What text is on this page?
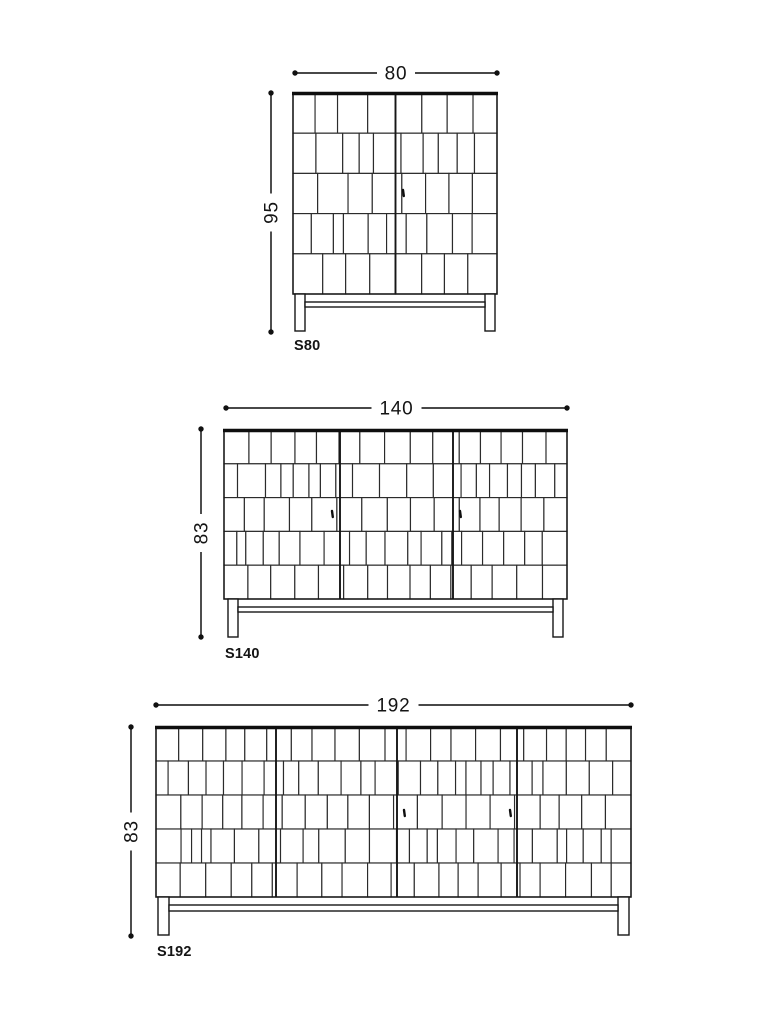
80
95
S80
140
83
S140
192
83
S192
